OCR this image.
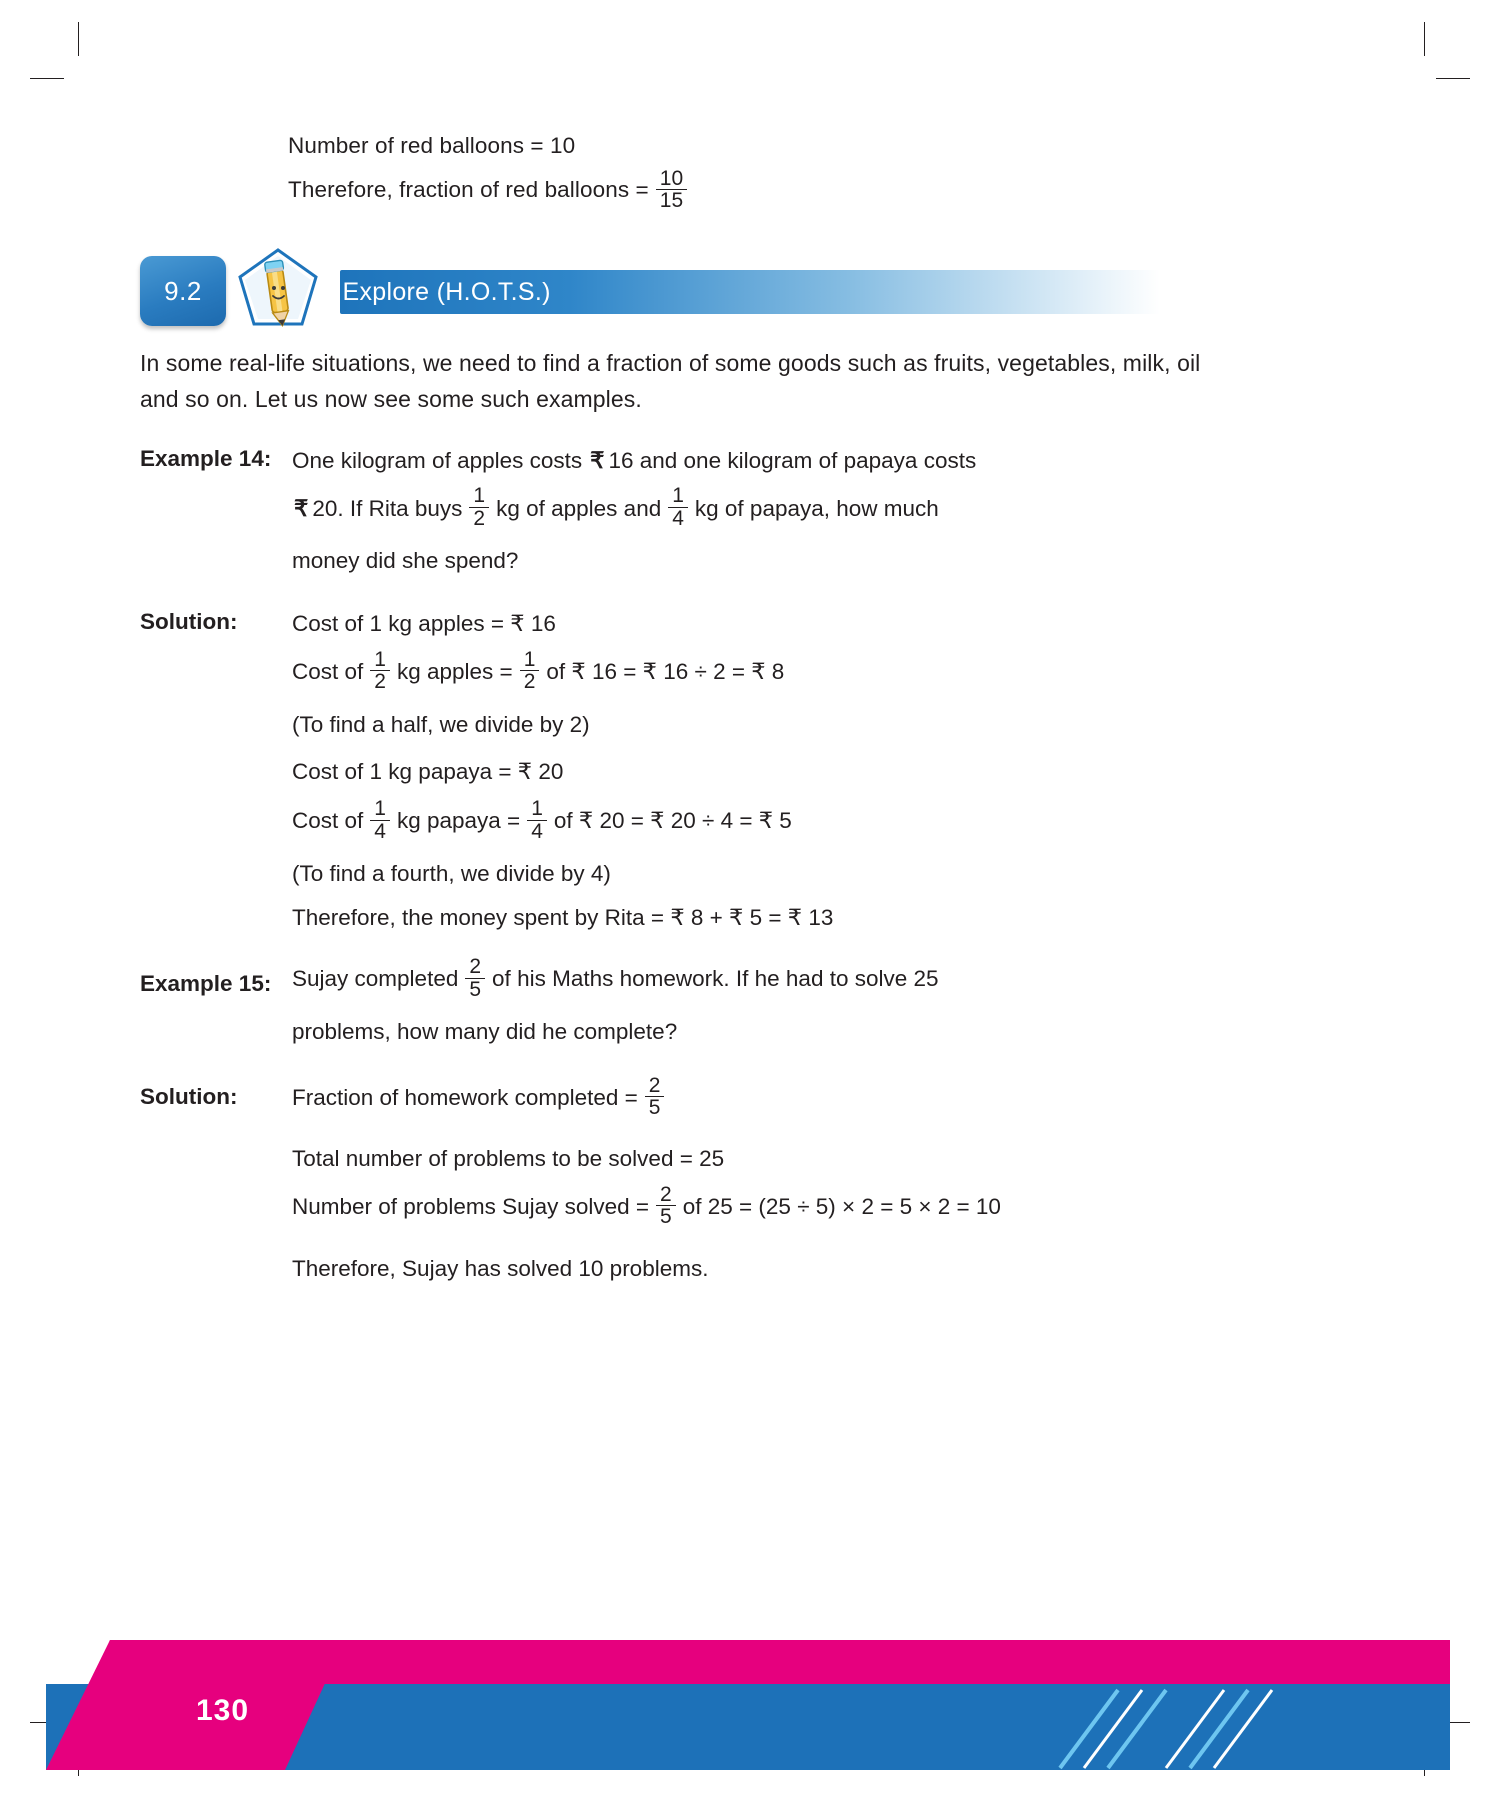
Number of red balloons = 10
Therefore, fraction of red balloons = $\frac{10}{15}$
I Explore (H.O.T.S.)
9.2
In some real-life situations, we need to find a fraction of some goods such as fruits, vegetables, milk, oil and so on. Let us now see some such examples.
Example 14: One kilogram of apples costs ₹ 16 and one kilogram of papaya costs
₹ 20. If Rita buys $\frac{1}{2}$ kg of apples and $\frac{1}{4}$ kg of papaya, how much
money did she spend?
Solution:	Cost of 1 kg apples = ₹ 16
Cost of $\frac{1}{2}$ kg apples = $\frac{1}{2}$ of ₹ 16 = ₹ 16 ÷ 2 = ₹ 8
(To find a half, we divide by 2)
Cost of 1 kg papaya = ₹ 20
Cost of $\frac{1}{4}$ kg papaya = $\frac{1}{4}$ of ₹ 20 = ₹ 20 ÷ 4 = ₹ 5
(To find a fourth, we divide by 4)
Therefore, the money spent by Rita = ₹ 8 + ₹ 5 = ₹ 13
Example 15: Sujay completed $\frac{2}{5}$ of his Maths homework. If he had to solve 25
problems, how many did he complete?
Solution:	Fraction of homework completed = $\frac{2}{5}$
Total number of problems to be solved = 25
Number of problems Sujay solved = $\frac{2}{5}$ of 25 = (25 ÷ 5) × 2 = 5 × 2 = 10
Therefore, Sujay has solved 10 problems.
130
